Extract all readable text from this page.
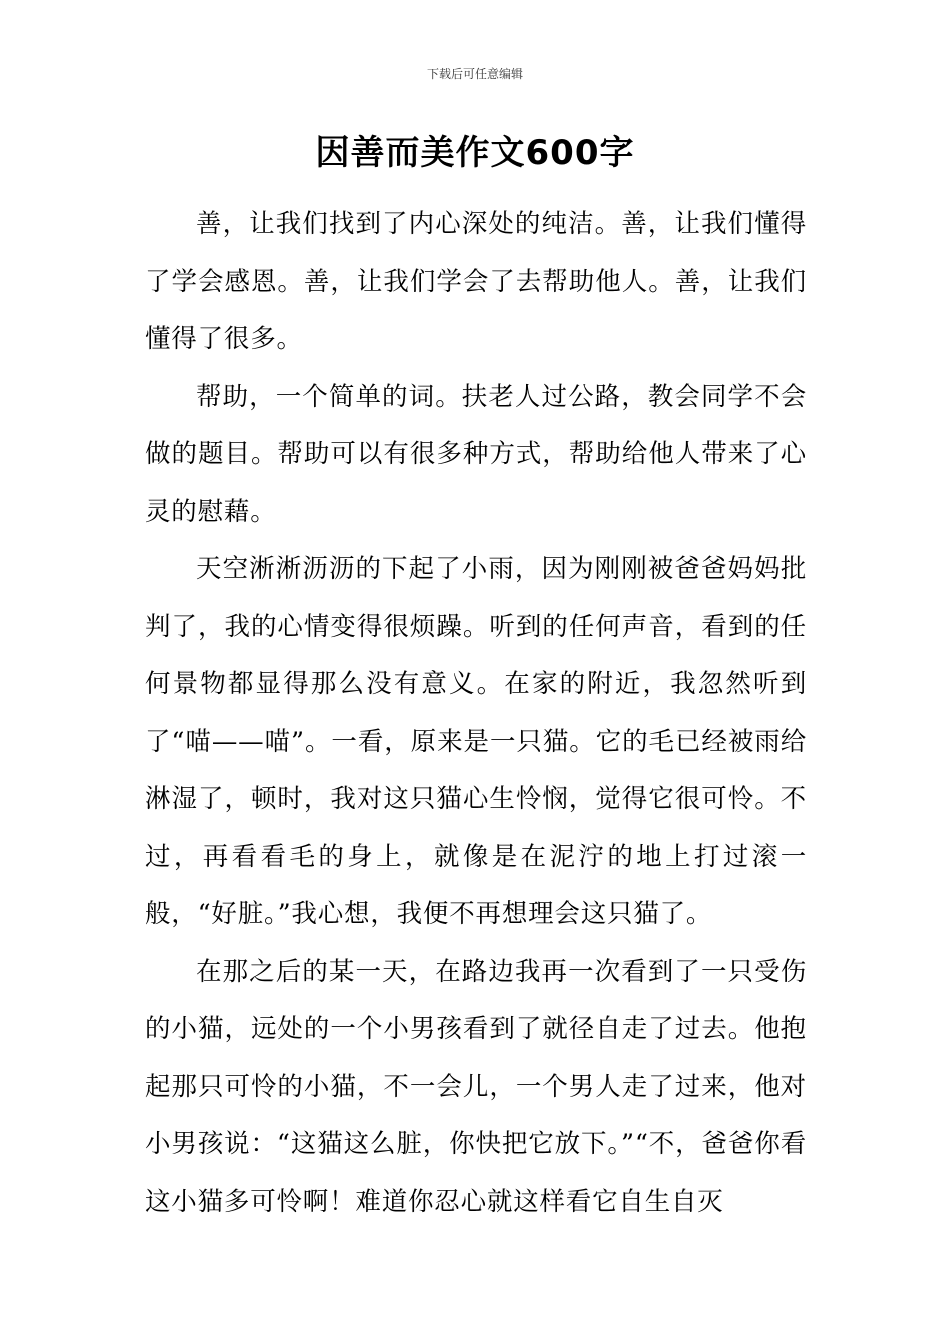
下载后可任意编辑
因善而美作文600字

善，让我们找到了内心深处的纯洁。善，让我们懂得了学会感恩。善，让我们学会了去帮助他人。善，让我们懂得了很多。

帮助，一个简单的词。扶老人过公路，教会同学不会做的题目。帮助可以有很多种方式，帮助给他人带来了心灵的慰藉。

天空淅淅沥沥的下起了小雨，因为刚刚被爸爸妈妈批判了，我的心情变得很烦躁。听到的任何声音，看到的任何景物都显得那么没有意义。在家的附近，我忽然听到了“喵——喵”。一看，原来是一只猫。它的毛已经被雨给淋湿了，顿时，我对这只猫心生怜悯，觉得它很可怜。不过，再看看毛的身上，就像是在泥泞的地上打过滚一般，“好脏。”我心想，我便不再想理会这只猫了。

在那之后的某一天，在路边我再一次看到了一只受伤的小猫，远处的一个小男孩看到了就径自走了过去。他抱起那只可怜的小猫，不一会儿，一个男人走了过来，他对小男孩说：“这猫这么脏，你快把它放下。”“不，爸爸你看这小猫多可怜啊！难道你忍心就这样看它自生自灭
